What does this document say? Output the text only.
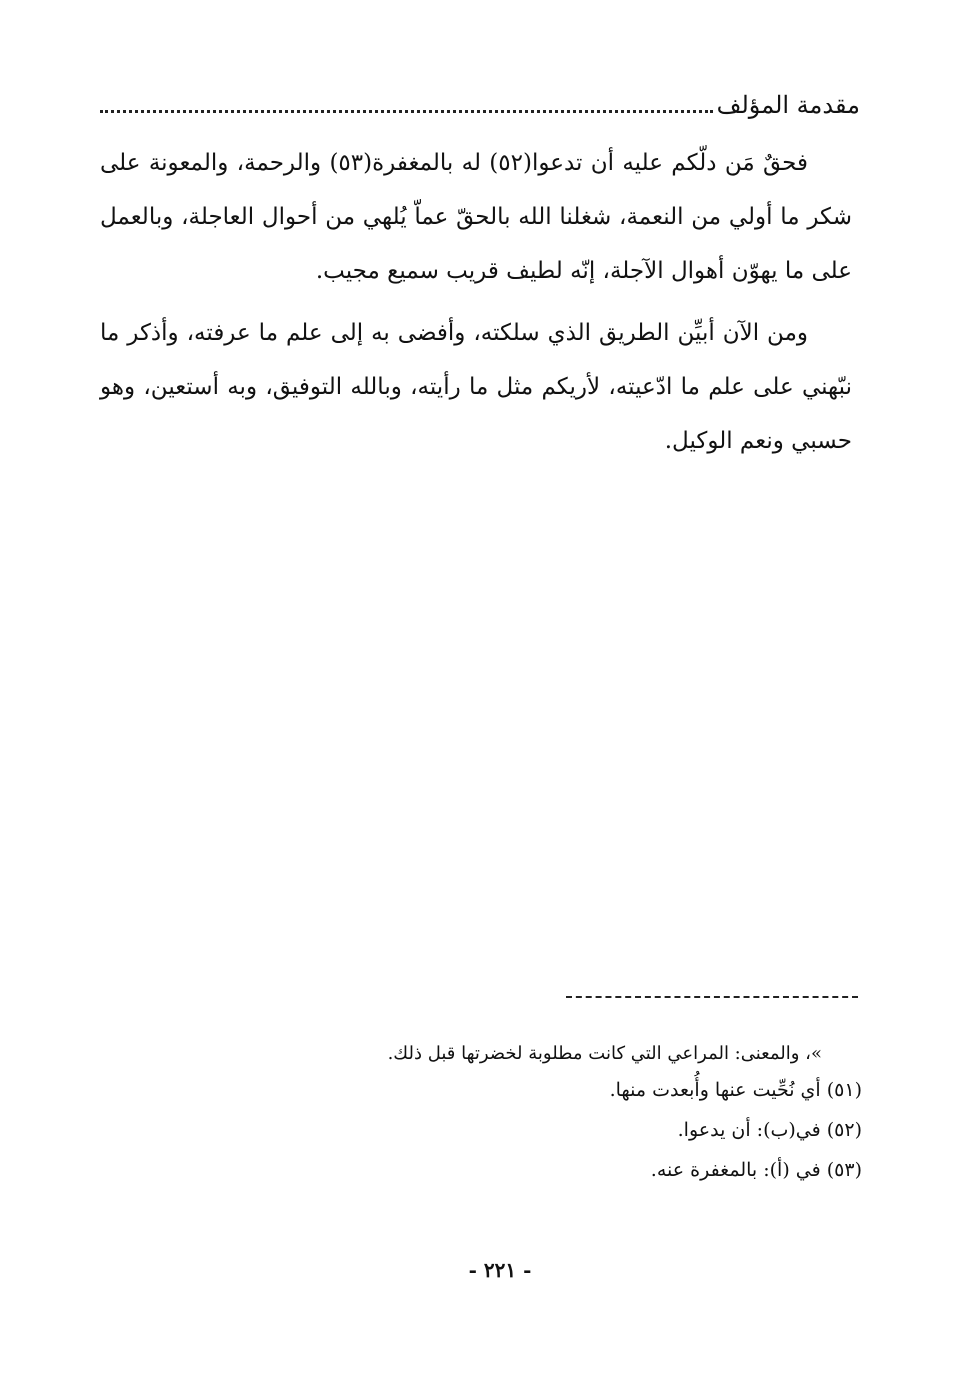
مقدمة المؤلف

فحقٌ مَن دلّكم عليه أن تدعوا(٥٢) له بالمغفرة(٥٣) والرحمة، والمعونة على شكر ما أولي من النعمة، شغلنا الله بالحقّ عماّ يُلهي من أحوال العاجلة، وبالعمل على ما يهوّن أهوال الآجلة، إنّه لطيف قريب سميع مجيب.

ومن الآن أبيِّن الطريق الذي سلكته، وأفضى به إلى علم ما عرفته، وأذكر ما نبّهني على علم ما ادّعيته، لأريكم مثل ما رأيته، وبالله التوفيق، وبه أستعين، وهو حسبي ونعم الوكيل.

»، والمعنى: المراعي التي كانت مطلوبة لخضرتها قبل ذلك.
(٥١) أي نُحِّيت عنها وأُبعدت منها.
(٥٢) في(ب): أن يدعوا.
(٥٣) في (أ): بالمغفرة عنه.
- ٢٢١ -
